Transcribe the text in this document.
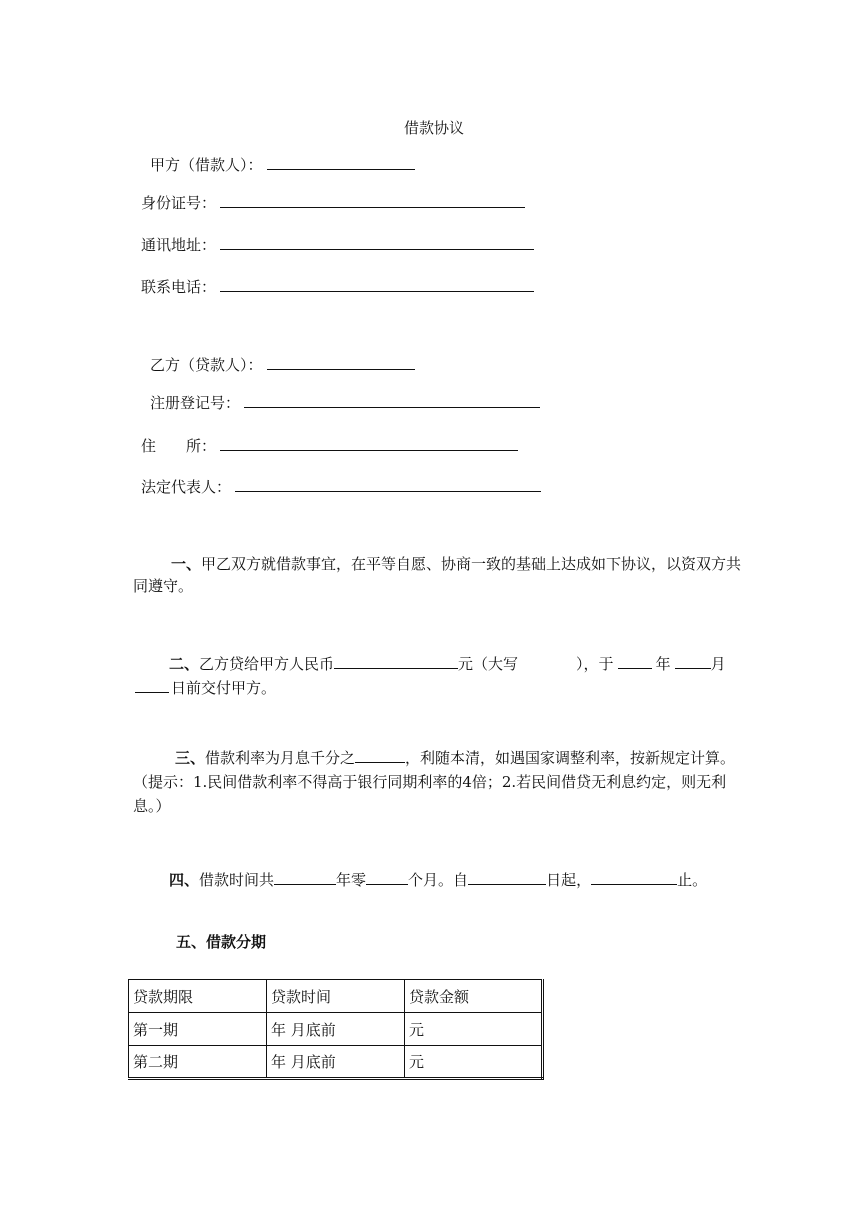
借款协议
甲方（借款人）：
身份证号：
通讯地址：
联系电话：
乙方（贷款人）：
注册登记号：
住　　所：
法定代表人：
一、甲乙双方就借款事宜，在平等自愿、协商一致的基础上达成如下协议，以资双方共同遵守。
二、乙方贷给甲方人民币	元（大写	），于	年	月日前交付甲方。
三、借款利率为月息千分之	，利随本清，如遇国家调整利率，按新规定计算。（提示：1.民间借款利率不得高于银行同期利率的4倍；2.若民间借贷无利息约定，则无利息。）
四、借款时间共	年零	个月。自	日起，	止。
五、借款分期
贷款期限	贷款时间	贷款金额
第一期	年 月底前	元
第二期	年 月底前	元
